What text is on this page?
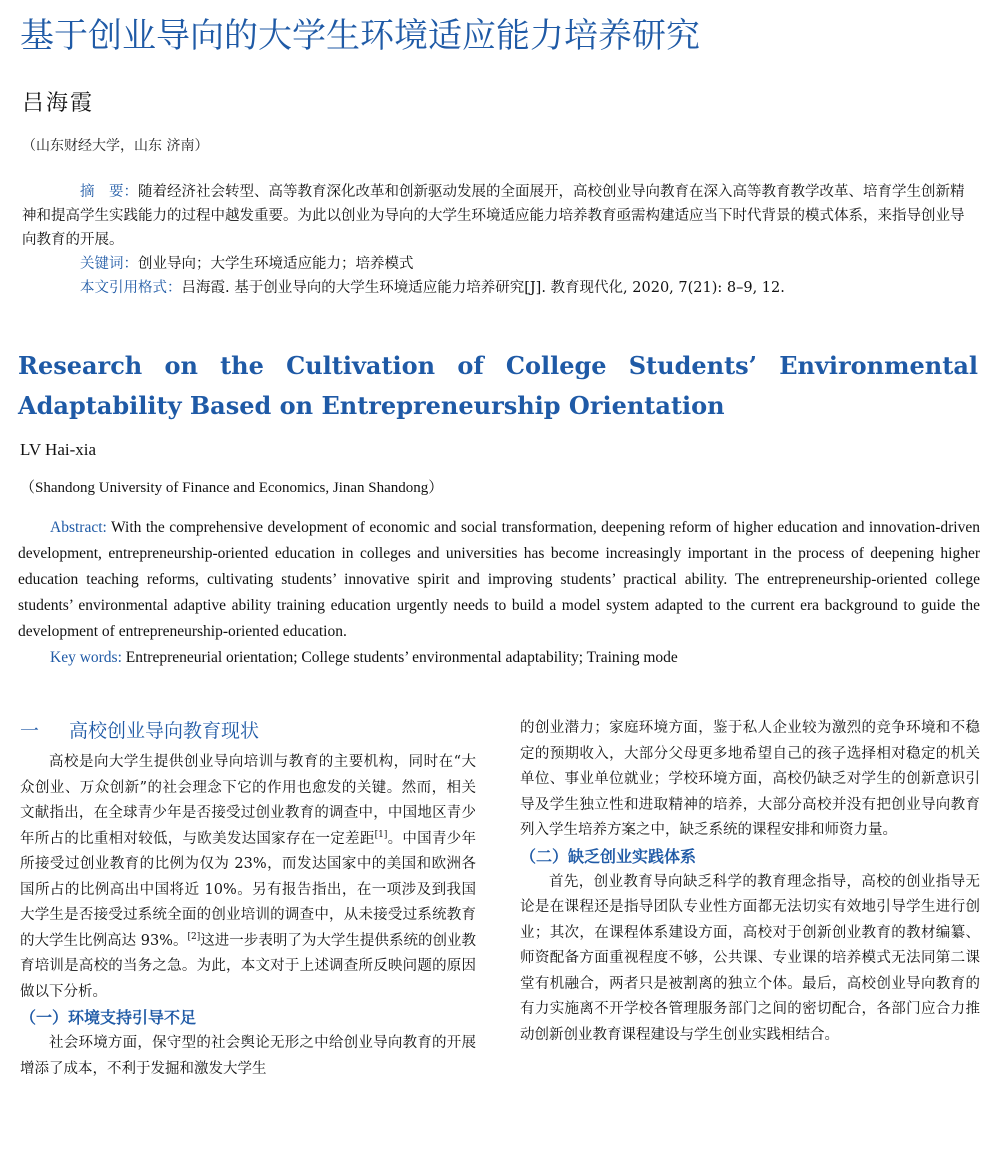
基于创业导向的大学生环境适应能力培养研究
吕海霞
（山东财经大学，山东 济南）

摘　要：随着经济社会转型、高等教育深化改革和创新驱动发展的全面展开，高校创业导向教育在深入高等教育教学改革、培育学生创新精神和提高学生实践能力的过程中越发重要。为此以创业为导向的大学生环境适应能力培养教育亟需构建适应当下时代背景的模式体系，来指导创业导向教育的开展。

关键词：创业导向；大学生环境适应能力；培养模式

本文引用格式：吕海霞. 基于创业导向的大学生环境适应能力培养研究[J]. 教育现代化, 2020, 7(21): 8–9, 12.

Research on the Cultivation of College Students’ Environmental Adaptability Based on Entrepreneurship Orientation
LV Hai-xia
（Shandong University of Finance and Economics, Jinan Shandong）

Abstract: With the comprehensive development of economic and social transformation, deepening reform of higher education and innovation-driven development, entrepreneurship-oriented education in colleges and universities has become increasingly important in the process of deepening higher education teaching reforms, cultivating students’ innovative spirit and improving students’ practical ability. The entrepreneurship-oriented college students’ environmental adaptive ability training education urgently needs to build a model system adapted to the current era background to guide the development of entrepreneurship-oriented education.

Key words: Entrepreneurial orientation; College students’ environmental adaptability; Training mode

一 高校创业导向教育现状

高校是向大学生提供创业导向培训与教育的主要机构，同时在“大众创业、万众创新”的社会理念下它的作用也愈发的关键。然而，相关文献指出，在全球青少年是否接受过创业教育的调查中，中国地区青少年所占的比重相对较低，与欧美发达国家存在一定差距[1]。中国青少年所接受过创业教育的比例为仅为 23%，而发达国家中的美国和欧洲各国所占的比例高出中国将近 10%。另有报告指出，在一项涉及到我国大学生是否接受过系统全面的创业培训的调查中，从未接受过系统教育的大学生比例高达 93%。[2]这进一步表明了为大学生提供系统的创业教育培训是高校的当务之急。为此，本文对于上述调查所反映问题的原因做以下分析。

（一）环境支持引导不足

社会环境方面，保守型的社会舆论无形之中给创业导向教育的开展增添了成本，不利于发掘和激发大学生

的创业潜力；家庭环境方面，鉴于私人企业较为激烈的竞争环境和不稳定的预期收入，大部分父母更多地希望自己的孩子选择相对稳定的机关单位、事业单位就业；学校环境方面，高校仍缺乏对学生的创新意识引导及学生独立性和进取精神的培养，大部分高校并没有把创业导向教育列入学生培养方案之中，缺乏系统的课程安排和师资力量。

（二）缺乏创业实践体系

首先，创业教育导向缺乏科学的教育理念指导，高校的创业指导无论是在课程还是指导团队专业性方面都无法切实有效地引导学生进行创业；其次，在课程体系建设方面，高校对于创新创业教育的教材编纂、师资配备方面重视程度不够，公共课、专业课的培养模式无法同第二课堂有机融合，两者只是被割离的独立个体。最后，高校创业导向教育的有力实施离不开学校各管理服务部门之间的密切配合，各部门应合力推动创新创业教育课程建设与学生创业实践相结合。
